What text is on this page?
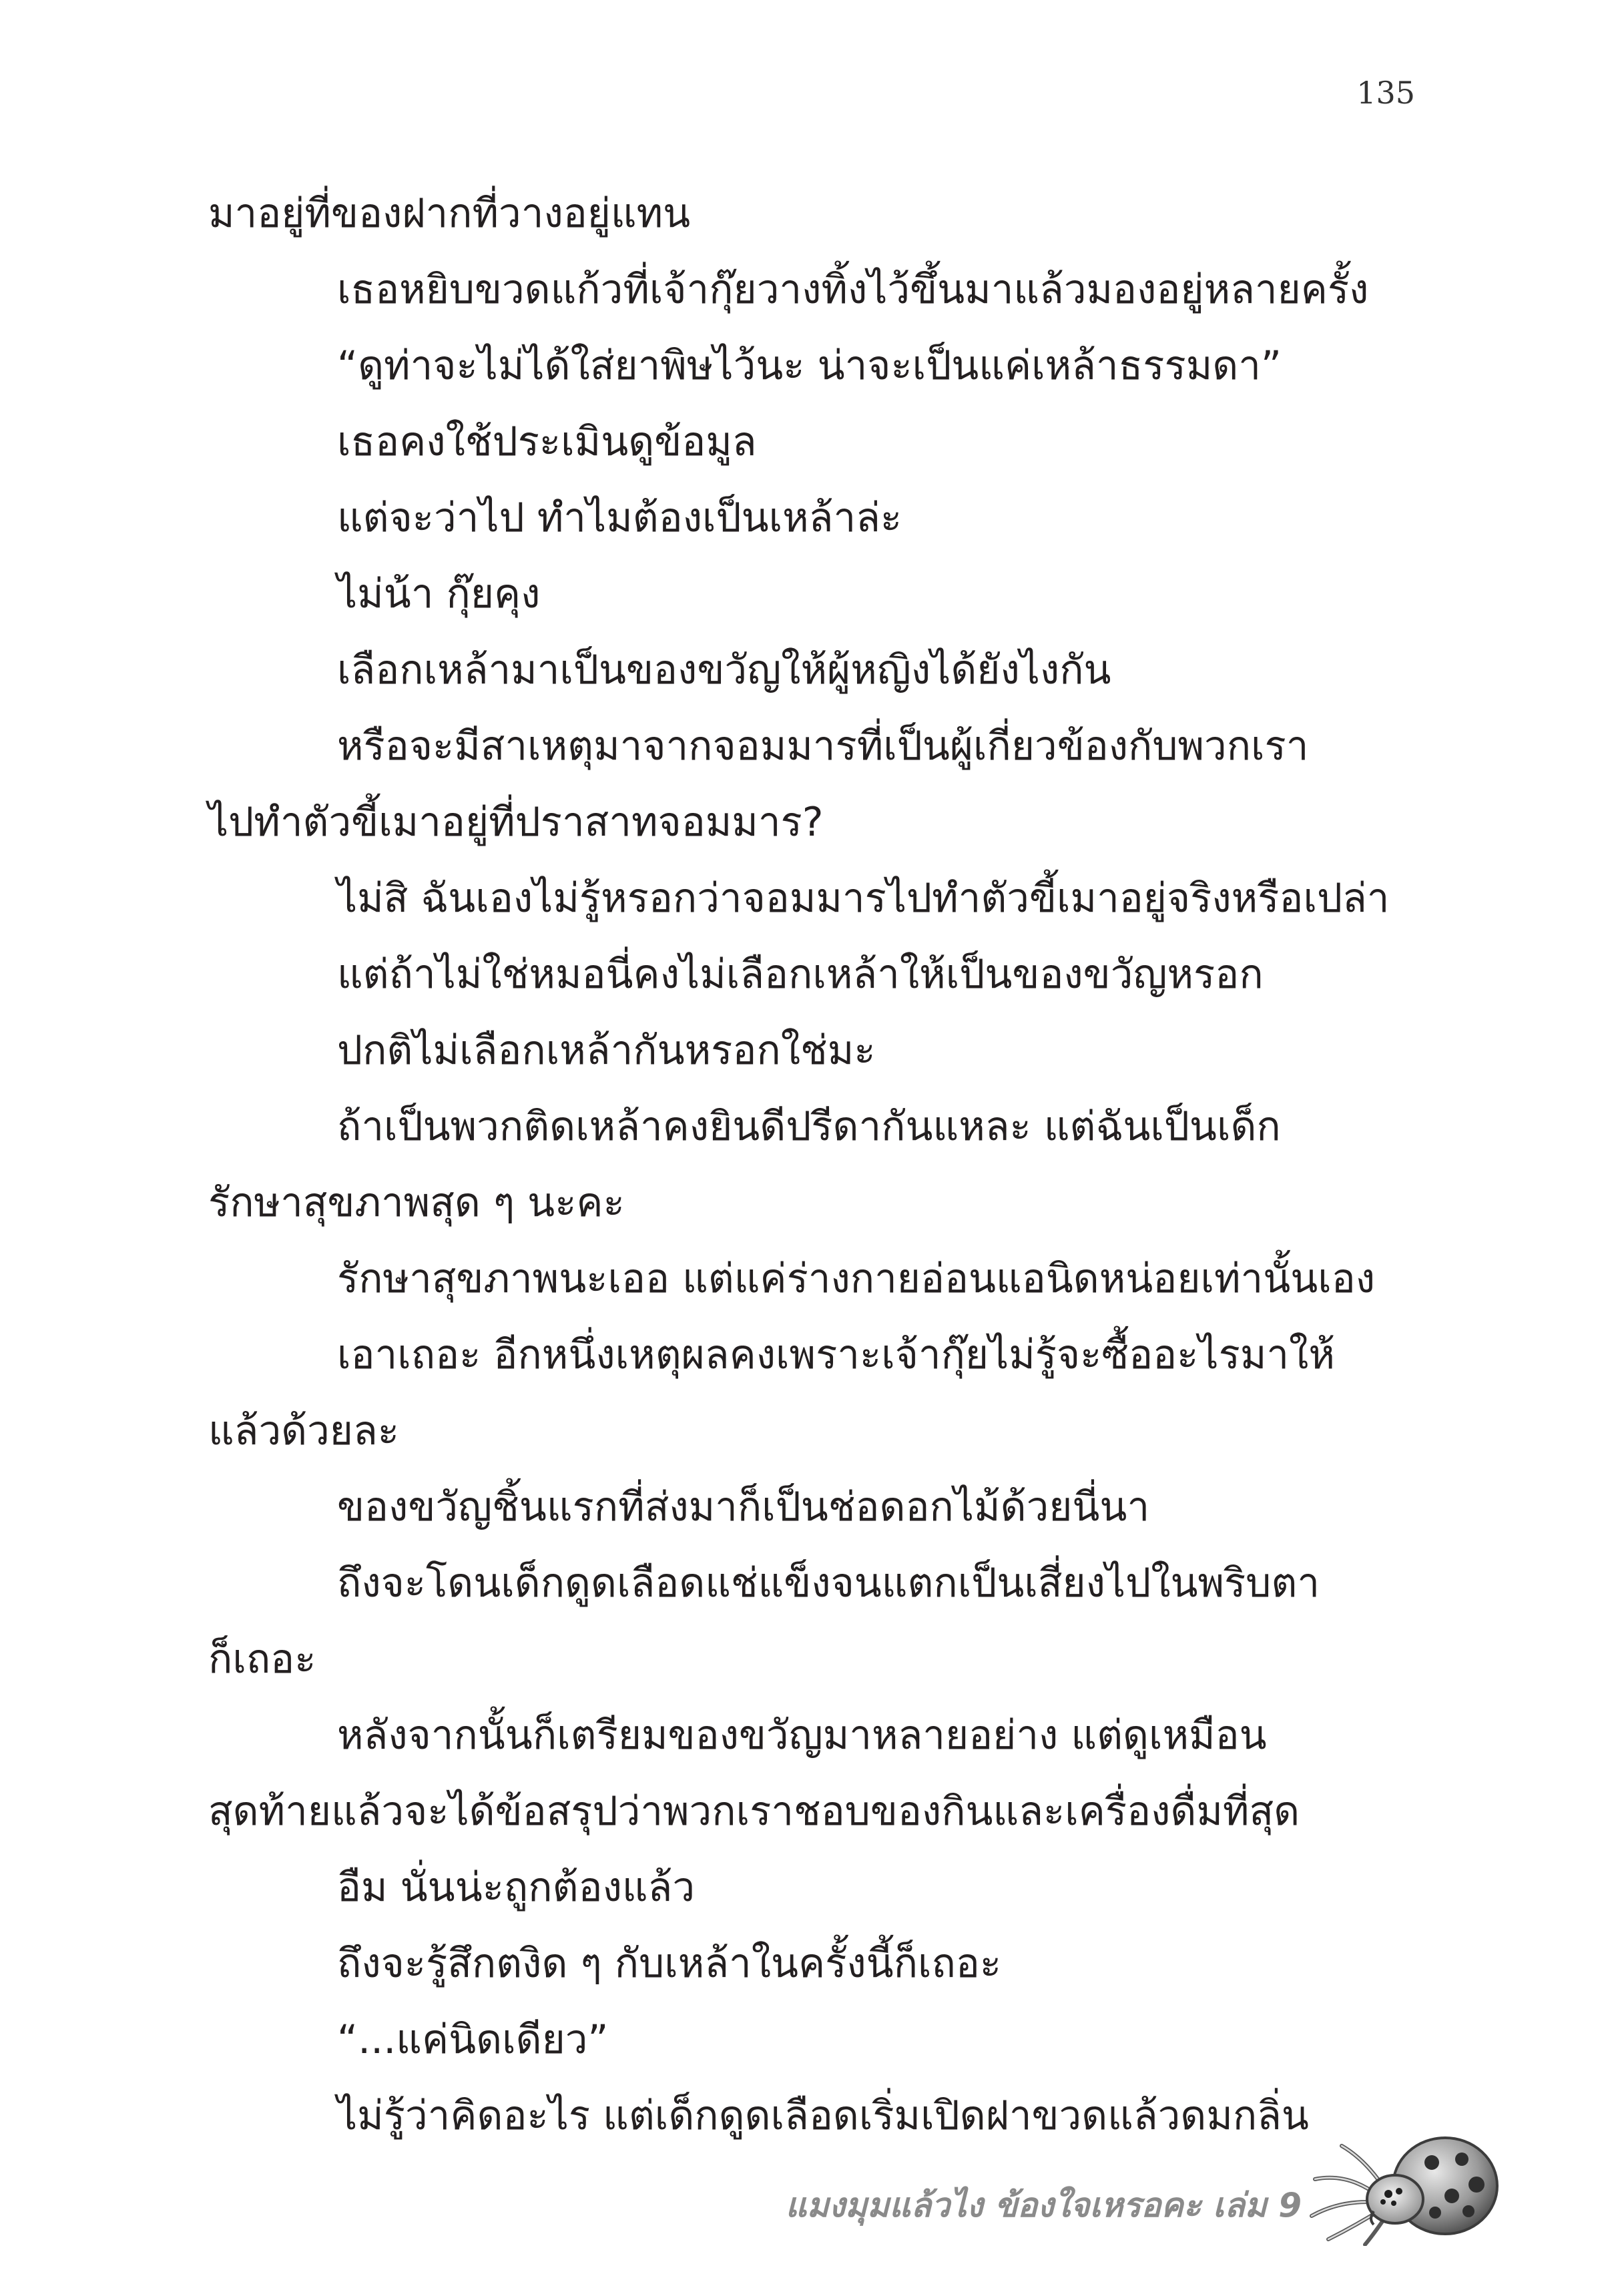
135
มาอยู่ที่ของฝากที่วางอยู่แทน
เธอหยิบขวดแก้วที่เจ้ากุ๊ยวางทิ้งไว้ขึ้นมาแล้วมองอยู่หลายครั้ง
“ดูท่าจะไม่ได้ใส่ยาพิษไว้นะ น่าจะเป็นแค่เหล้าธรรมดา”
เธอคงใช้ประเมินดูข้อมูล
แต่จะว่าไป ทำไมต้องเป็นเหล้าล่ะ
ไม่น้า กุ๊ยคุง
เลือกเหล้ามาเป็นของขวัญให้ผู้หญิงได้ยังไงกัน
หรือจะมีสาเหตุมาจากจอมมารที่เป็นผู้เกี่ยวข้องกับพวกเรา
ไปทำตัวขี้เมาอยู่ที่ปราสาทจอมมาร?
ไม่สิ ฉันเองไม่รู้หรอกว่าจอมมารไปทำตัวขี้เมาอยู่จริงหรือเปล่า
แต่ถ้าไม่ใช่หมอนี่คงไม่เลือกเหล้าให้เป็นของขวัญหรอก
ปกติไม่เลือกเหล้ากันหรอกใช่มะ
ถ้าเป็นพวกติดเหล้าคงยินดีปรีดากันแหละ แต่ฉันเป็นเด็ก
รักษาสุขภาพสุด ๆ นะคะ
รักษาสุขภาพนะเออ แต่แค่ร่างกายอ่อนแอนิดหน่อยเท่านั้นเอง
เอาเถอะ อีกหนึ่งเหตุผลคงเพราะเจ้ากุ๊ยไม่รู้จะซื้ออะไรมาให้
แล้วด้วยละ
ของขวัญชิ้นแรกที่ส่งมาก็เป็นช่อดอกไม้ด้วยนี่นา
ถึงจะโดนเด็กดูดเลือดแช่แข็งจนแตกเป็นเสี่ยงไปในพริบตา
ก็เถอะ
หลังจากนั้นก็เตรียมของขวัญมาหลายอย่าง แต่ดูเหมือน
สุดท้ายแล้วจะได้ข้อสรุปว่าพวกเราชอบของกินและเครื่องดื่มที่สุด
อืม นั่นน่ะถูกต้องแล้ว
ถึงจะรู้สึกตงิด ๆ กับเหล้าในครั้งนี้ก็เถอะ
“...แค่นิดเดียว”
ไม่รู้ว่าคิดอะไร แต่เด็กดูดเลือดเริ่มเปิดฝาขวดแล้วดมกลิ่น
แมงมุมแล้วไง ข้องใจเหรอคะ เล่ม 9
